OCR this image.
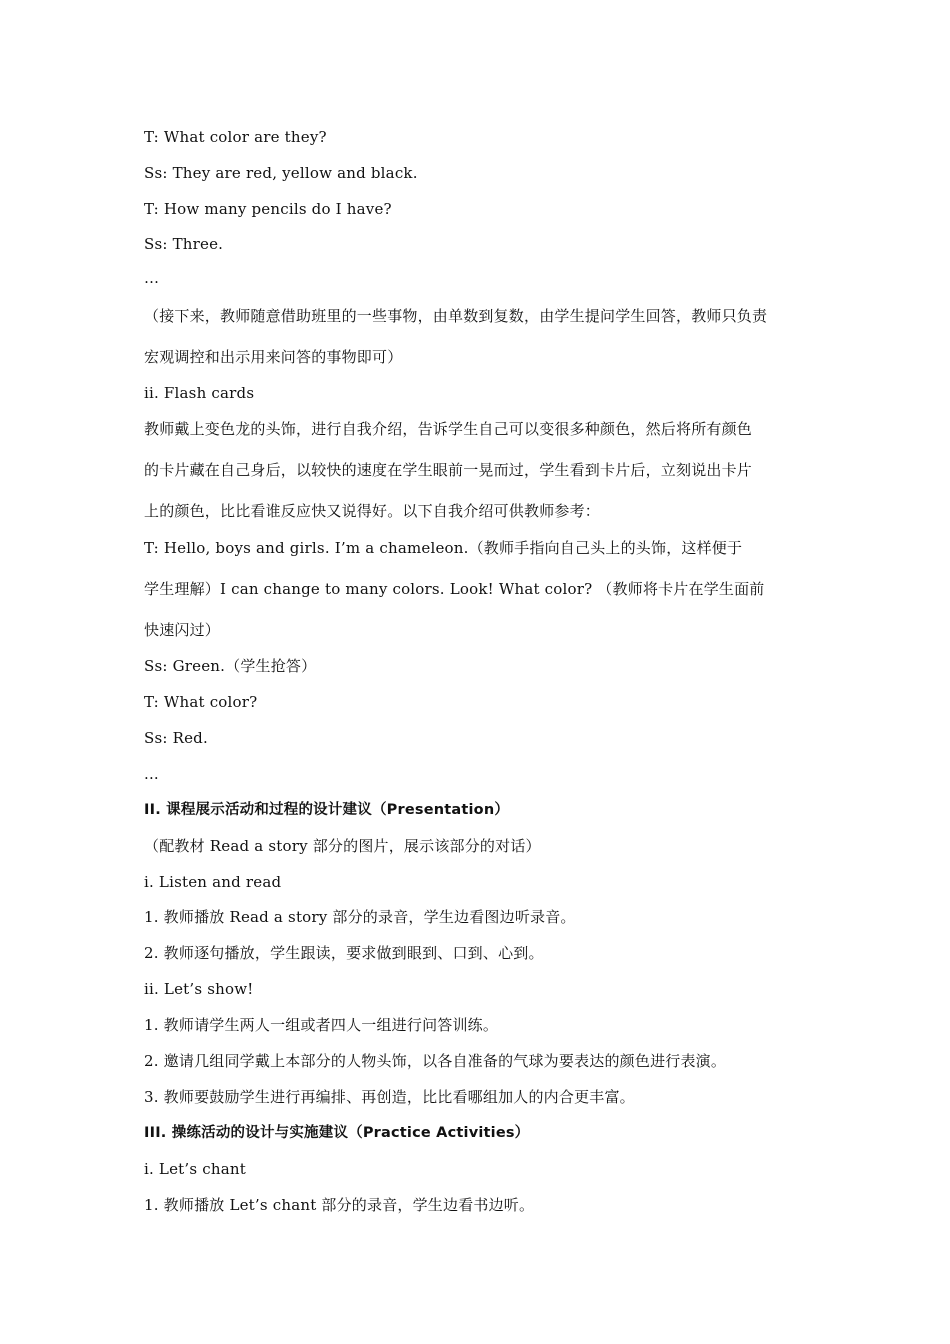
T: What color are they?
Ss: They are red, yellow and black.
T: How many pencils do I have?
Ss: Three.
…
（接下来，教师随意借助班里的一些事物，由单数到复数，由学生提问学生回答，教师只负责
宏观调控和出示用来问答的事物即可）
ii. Flash cards
教师戴上变色龙的头饰，进行自我介绍，告诉学生自己可以变很多种颜色，然后将所有颜色
的卡片藏在自己身后，以较快的速度在学生眼前一晃而过，学生看到卡片后，立刻说出卡片
上的颜色，比比看谁反应快又说得好。以下自我介绍可供教师参考：
T: Hello, boys and girls. I’m a chameleon.（教师手指向自己头上的头饰，这样便于
学生理解）I can change to many colors. Look! What color? （教师将卡片在学生面前
快速闪过）
Ss: Green.（学生抢答）
T: What color?
Ss: Red.
...
II. 课程展示活动和过程的设计建议（Presentation）
（配教材 Read a story 部分的图片，展示该部分的对话）
i. Listen and read
1. 教师播放 Read a story 部分的录音，学生边看图边听录音。
2. 教师逐句播放，学生跟读，要求做到眼到、口到、心到。
ii. Let’s show!
1. 教师请学生两人一组或者四人一组进行问答训练。
2. 邀请几组同学戴上本部分的人物头饰，以各自准备的气球为要表达的颜色进行表演。
3. 教师要鼓励学生进行再编排、再创造，比比看哪组加人的内合更丰富。
III. 操练活动的设计与实施建议（Practice Activities）
i. Let’s chant
1. 教师播放 Let’s chant 部分的录音，学生边看书边听。
